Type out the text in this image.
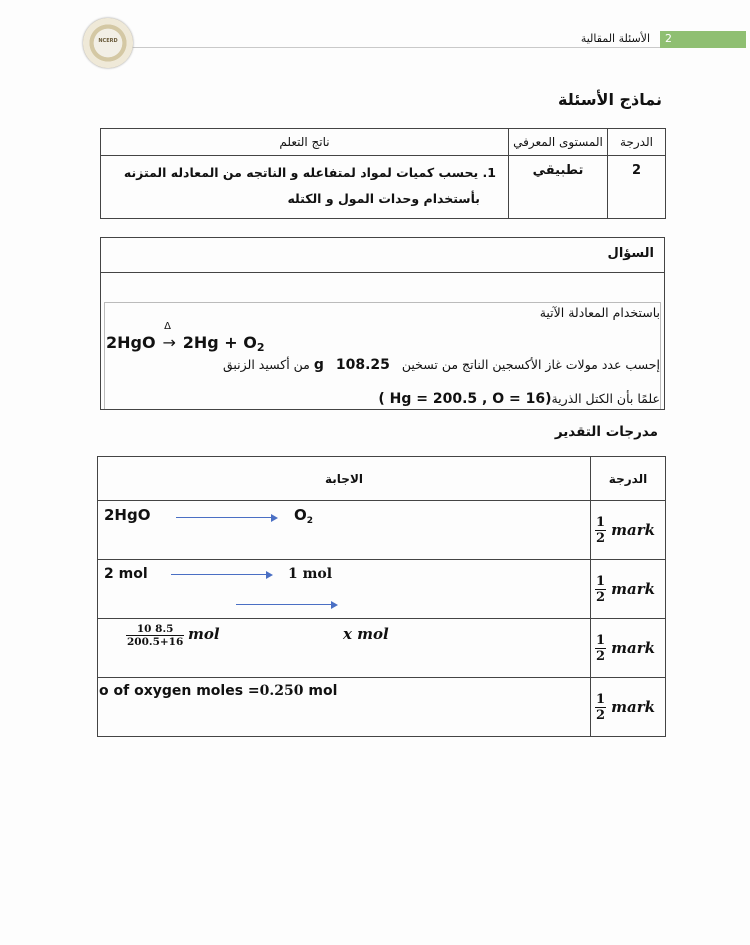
2
الأسئلة المقالية
NCERD
نماذج الأسئلة
ناتج التعلم	المستوى المعرفي	الدرجة

1. يحسب كميات لمواد لمتفاعله و الناتجه من المعادله المتزنه
بأستخدام وحدات المول و الكتله	تطبيقي	2
السؤال
باستخدام المعادلة الآتية
2HgO
Δ
→ $2Hg + O_2$
إحسب عدد مولات غاز الأكسجين الناتج من تسخين 108.25 g من أكسيد الزنبق
علمًا بأن الكتل الذرية( Hg = 200.5 , O = 16)
مدرجات التقدير
الاجابة	الدرجة

2HgO $O_2$	$\frac{1}{2}$ mark

2 mol 1 mol	$\frac{1}{2}$ mark

$\frac{10 8.5}{200.5+16}$ mol x mol	$\frac{1}{2}$ mark

o of oxygen moles =0.250 mol	$\frac{1}{2}$ mark
